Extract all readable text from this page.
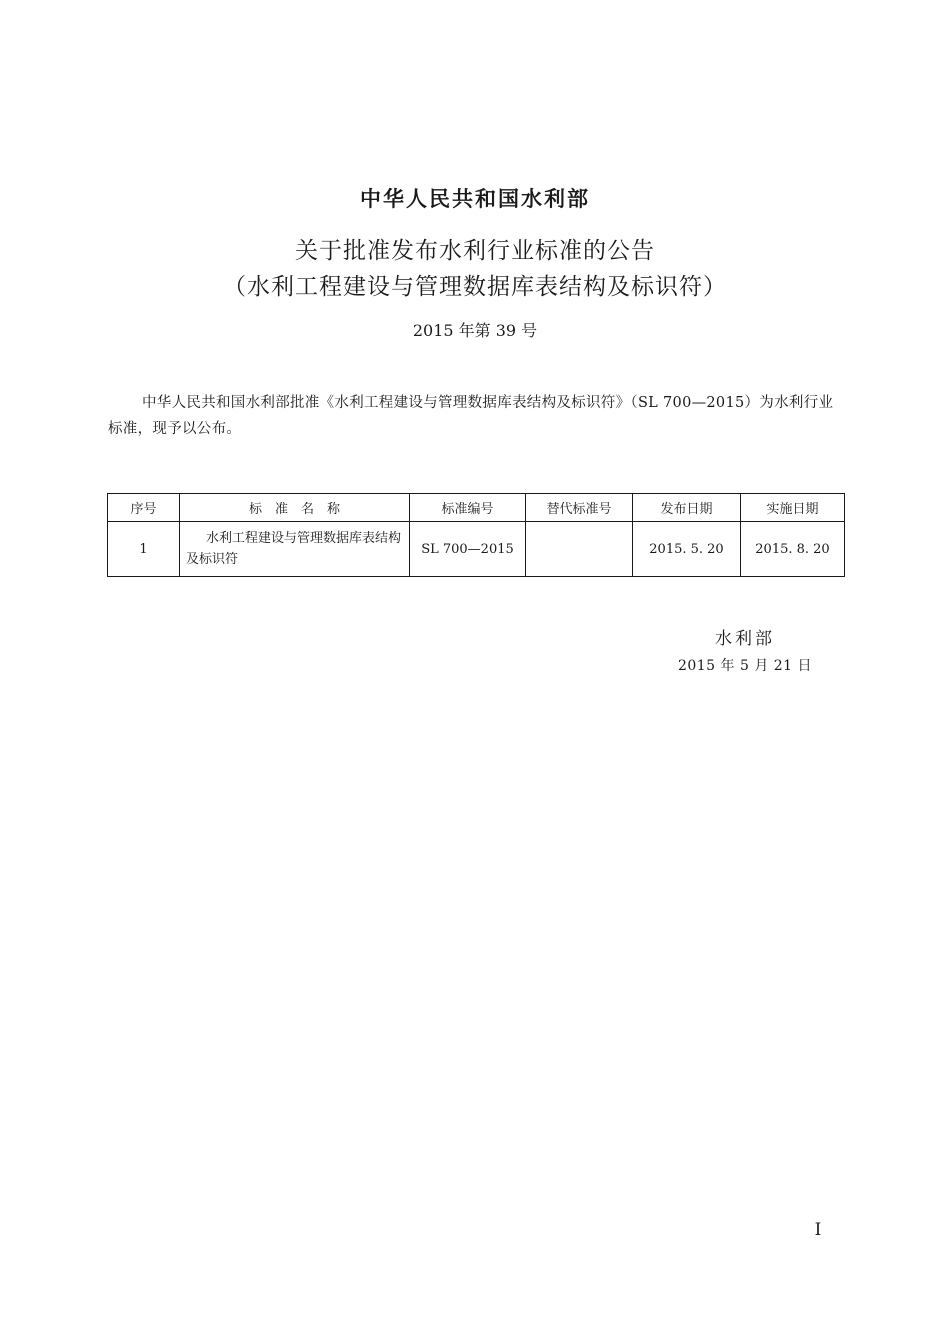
中华人民共和国水利部
关于批准发布水利行业标准的公告
（水利工程建设与管理数据库表结构及标识符）
2015 年第 39 号
中华人民共和国水利部批准《水利工程建设与管理数据库表结构及标识符》（SL 700—2015）为水利行业标准，现予以公布。
序号	标　准　名　称	标准编号	替代标准号	发布日期	实施日期
1	水利工程建设与管理数据库表结构及标识符	SL 700—2015		2015. 5. 20	2015. 8. 20
水利部
2015 年 5 月 21 日
I
